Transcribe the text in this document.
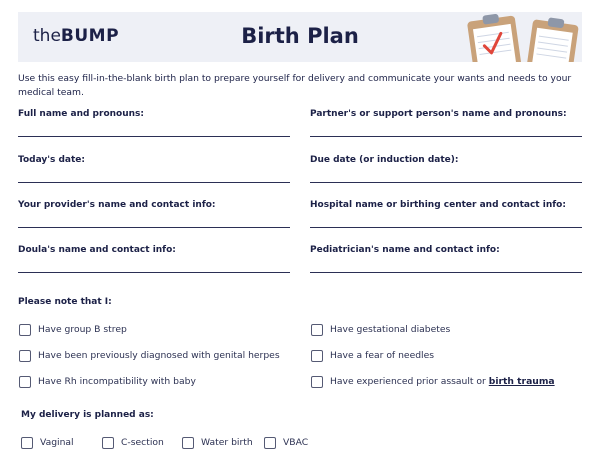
theBUMP	Birth Plan
Use this easy fill-in-the-blank birth plan to prepare yourself for delivery and communicate your wants and needs to your medical team.
Full name and pronouns:	Partner's or support person's name and pronouns:
Today's date:	Due date (or induction date):
Your provider's name and contact info:	Hospital name or birthing center and contact info:
Doula's name and contact info:	Pediatrician's name and contact info:
Please note that I:
Have group B strep	Have gestational diabetes
Have been previously diagnosed with genital herpes	Have a fear of needles
Have Rh incompatibility with baby	Have experienced prior assault or birth trauma
My delivery is planned as:
Vaginal	C-section	Water birth	VBAC
